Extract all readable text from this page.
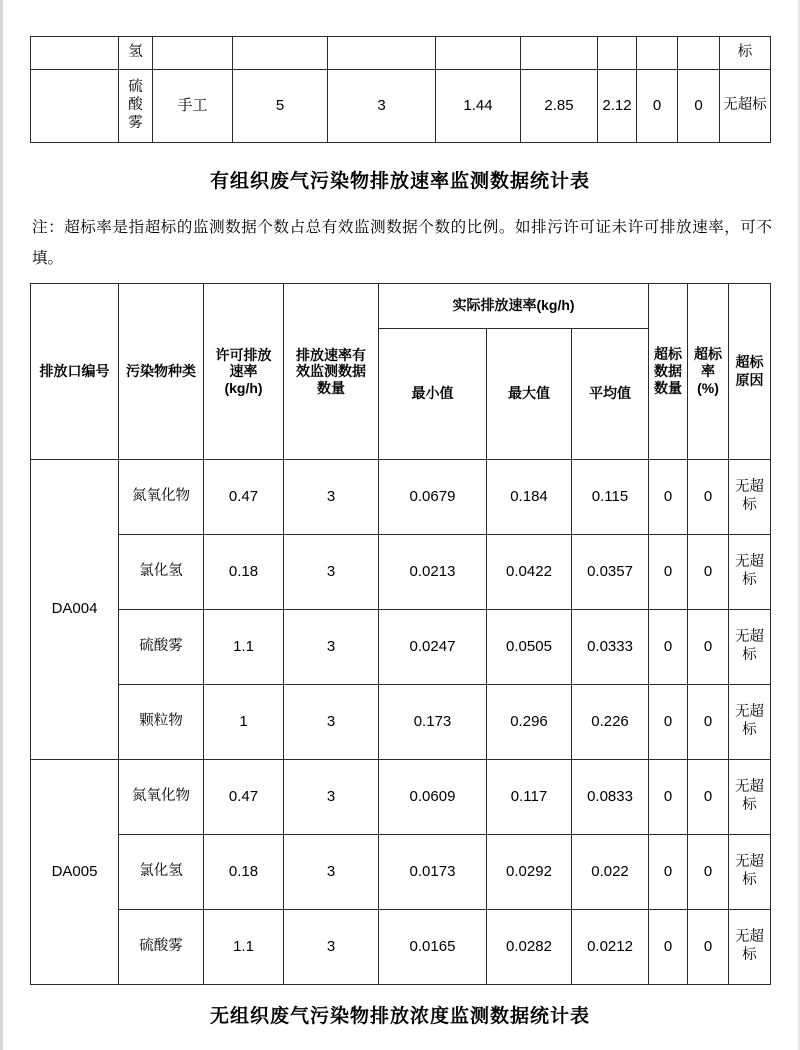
	氢									标
	硫酸雾	手工	5	3	1.44	2.85	2.12	0	0	无超标
有组织废气污染物排放速率监测数据统计表
注：超标率是指超标的监测数据个数占总有效监测数据个数的比例。如排污许可证未许可排放速率，可不填。
排放口编号	污染物种类	许可排放
速率
(kg/h)	排放速率有
效监测数据
数量	实际排放速率(kg/h)			超标数据数量	超标率
(%)	超标原因
				最小值	最大值	平均值			
DA004	氮氧化物	0.47	3	0.0679	0.184	0.115	0	0	无超标
	氯化氢	0.18	3	0.0213	0.0422	0.0357	0	0	无超标
	硫酸雾	1.1	3	0.0247	0.0505	0.0333	0	0	无超标
	颗粒物	1	3	0.173	0.296	0.226	0	0	无超标
DA005	氮氧化物	0.47	3	0.0609	0.117	0.0833	0	0	无超标
	氯化氢	0.18	3	0.0173	0.0292	0.022	0	0	无超标
	硫酸雾	1.1	3	0.0165	0.0282	0.0212	0	0	无超标
无组织废气污染物排放浓度监测数据统计表
